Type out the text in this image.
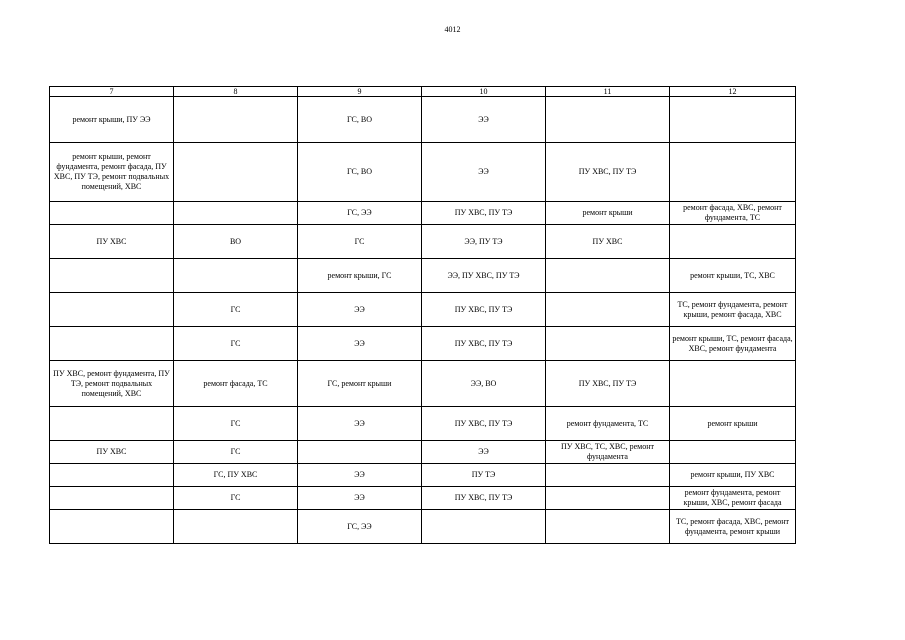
4012
7	8	9	10	11	12
ремонт крыши, ПУ ЭЭ		ГС, ВО	ЭЭ		
ремонт крыши, ремонт фундамента, ремонт фасада, ПУ ХВС, ПУ ТЭ, ремонт подвальных помещений, ХВС		ГС, ВО	ЭЭ	ПУ ХВС, ПУ ТЭ	
		ГС, ЭЭ	ПУ ХВС, ПУ ТЭ	ремонт крыши	ремонт фасада, ХВС, ремонт фундамента, ТС
ПУ ХВС	ВО	ГС	ЭЭ, ПУ ТЭ	ПУ ХВС	
		ремонт крыши, ГС	ЭЭ, ПУ ХВС, ПУ ТЭ		ремонт крыши, ТС, ХВС
	ГС	ЭЭ	ПУ ХВС, ПУ ТЭ		ТС, ремонт фундамента, ремонт крыши, ремонт фасада, ХВС
	ГС	ЭЭ	ПУ ХВС, ПУ ТЭ		ремонт крыши, ТС, ремонт фасада, ХВС, ремонт фундамента
ПУ ХВС, ремонт фундамента, ПУ ТЭ, ремонт подвальных помещений, ХВС	ремонт фасада, ТС	ГС, ремонт крыши	ЭЭ, ВО	ПУ ХВС, ПУ ТЭ	
	ГС	ЭЭ	ПУ ХВС, ПУ ТЭ	ремонт фундамента, ТС	ремонт крыши
ПУ ХВС	ГС		ЭЭ	ПУ ХВС, ТС, ХВС, ремонт фундамента	
	ГС, ПУ ХВС	ЭЭ	ПУ ТЭ		ремонт крыши, ПУ ХВС
	ГС	ЭЭ	ПУ ХВС, ПУ ТЭ		ремонт фундамента, ремонт крыши, ХВС, ремонт фасада
		ГС, ЭЭ			ТС, ремонт фасада, ХВС, ремонт фундамента, ремонт крыши
